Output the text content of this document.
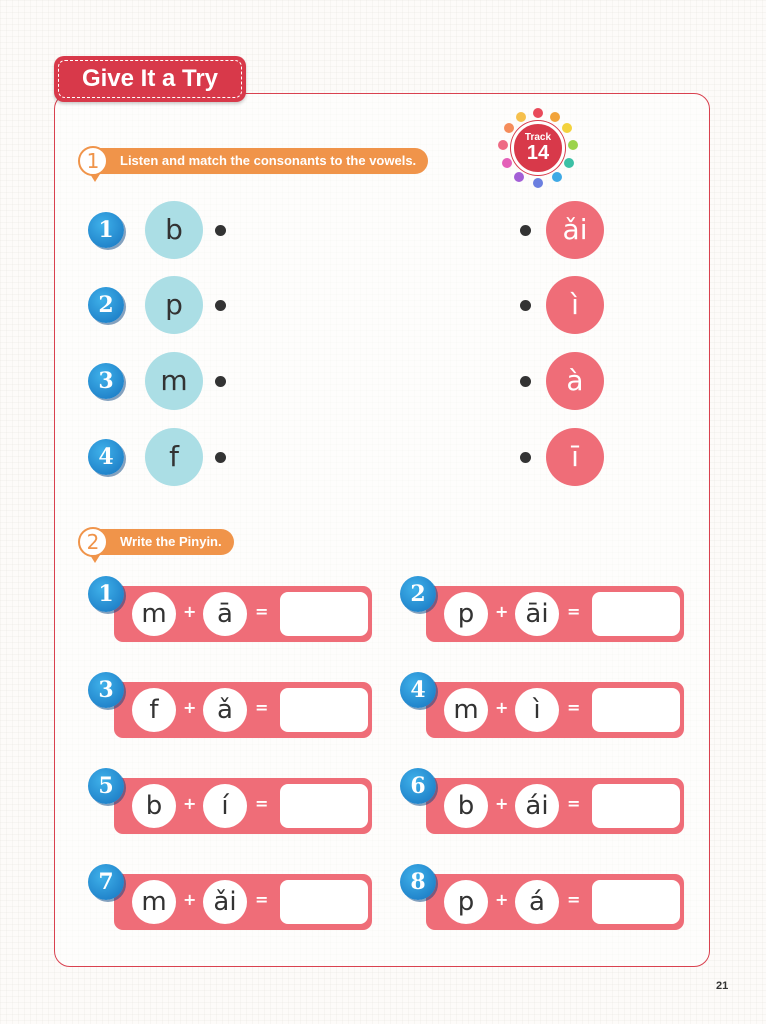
Give It a Try
Listen and match the consonants to the vowels.
1
Track
14
1	b	ǎi
2	p	ì
3	m	à
4	f	ī
Write the Pinyin.
2
m	+ ā	=
1
f	+ ǎ	=
3
b	+ í	=
5
m	+ ǎi	=
7
p	+ āi	=
2
m	+ ì	=
4
b	+ ái	=
6
p	+ á	=
8
21
